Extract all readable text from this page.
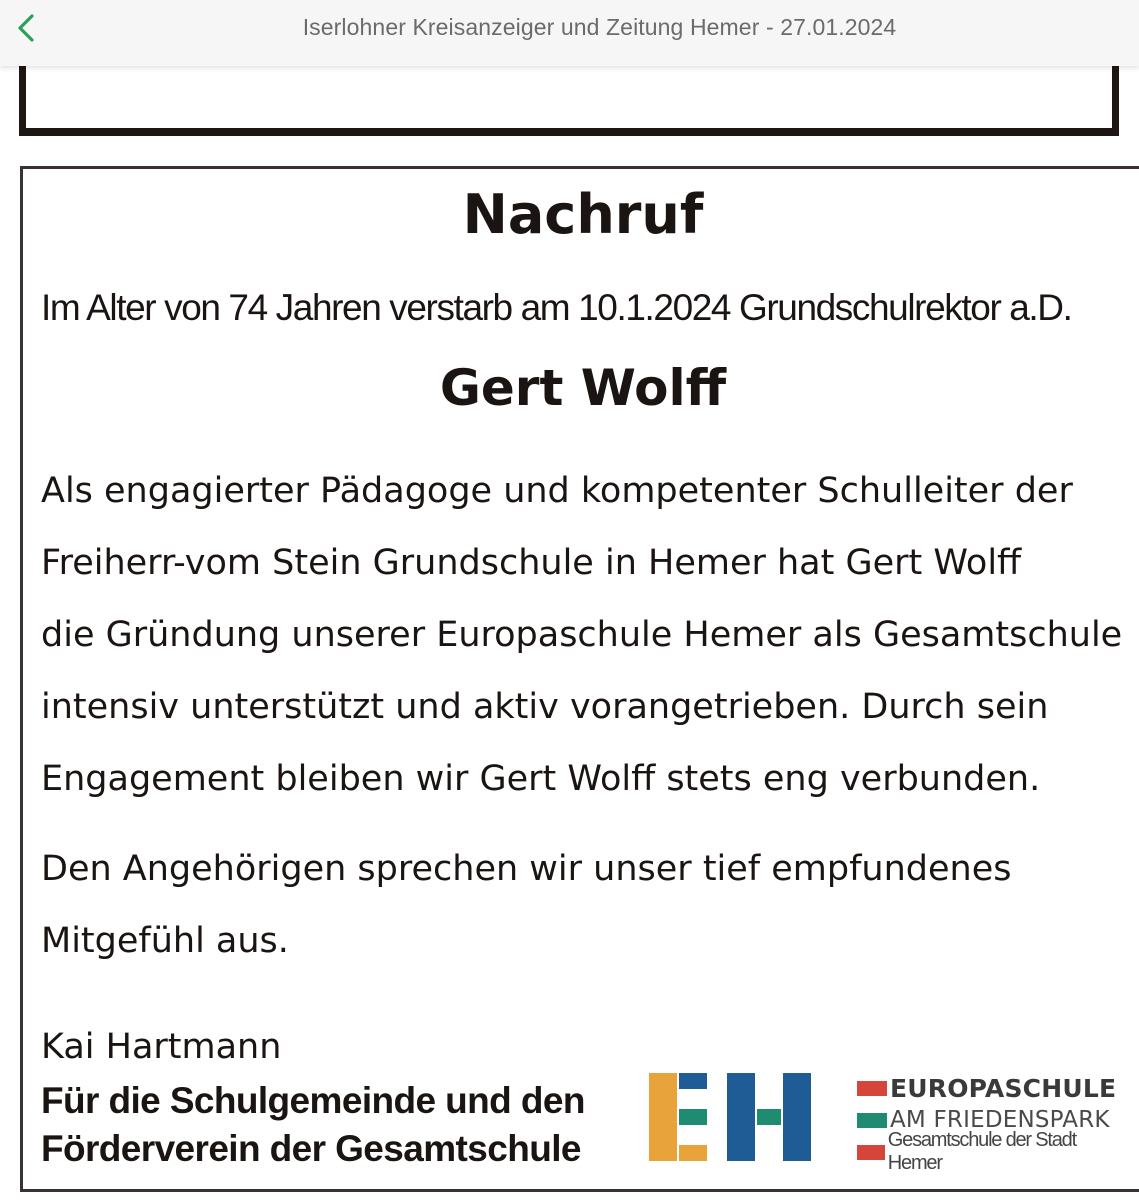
Iserlohner Kreisanzeiger und Zeitung Hemer - 27.01.2024
Nachruf
Im Alter von 74 Jahren verstarb am 10.1.2024 Grundschulrektor a.D.
Gert Wolff

Als engagierter Pädagoge und kompetenter Schulleiter der
Freiherr-vom Stein Grundschule in Hemer hat Gert Wolff
die Gründung unserer Europaschule Hemer als Gesamtschule
intensiv unterstützt und aktiv vorangetrieben. Durch sein
Engagement bleiben wir Gert Wolff stets eng verbunden.

Den Angehörigen sprechen wir unser tief empfundenes
Mitgefühl aus.

Kai Hartmann
Für die Schulgemeinde und den
Förderverein der Gesamtschule
EUROPASCHULE
AM FRIEDENSPARK
Gesamtschule der Stadt Hemer
